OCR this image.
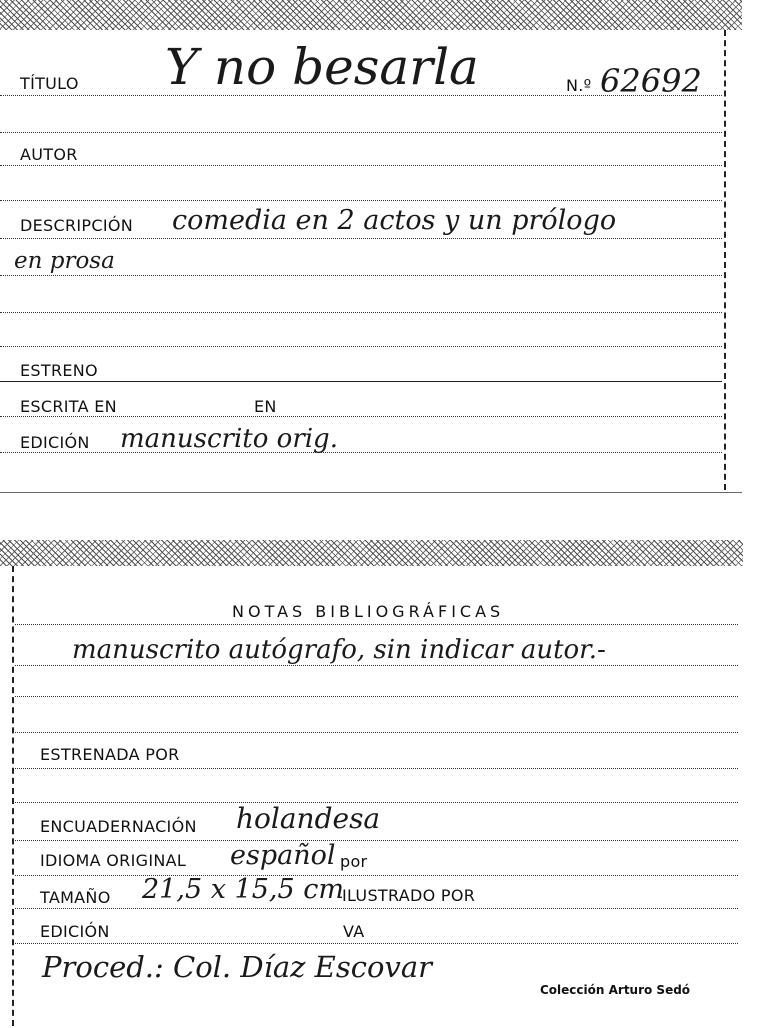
TÍTULO Y no besarla	N.º 62692
AUTOR
DESCRIPCIÓN comedia en 2 actos y un prólogo
en prosa
ESTRENO
ESCRITA EN	EN
EDICIÓN manuscrito orig.
NOTAS BIBLIOGRÁFICAS
manuscrito autógrafo, sin indicar autor.-
ESTRENADA POR
ENCUADERNACIÓN holandesa
IDIOMA ORIGINAL español por
TAMAÑO 21,5 x 15,5 cm
ILUSTRADO POR
EDICIÓN	VA
Proced.: Col. Díaz Escovar
Colección Arturo Sedó
